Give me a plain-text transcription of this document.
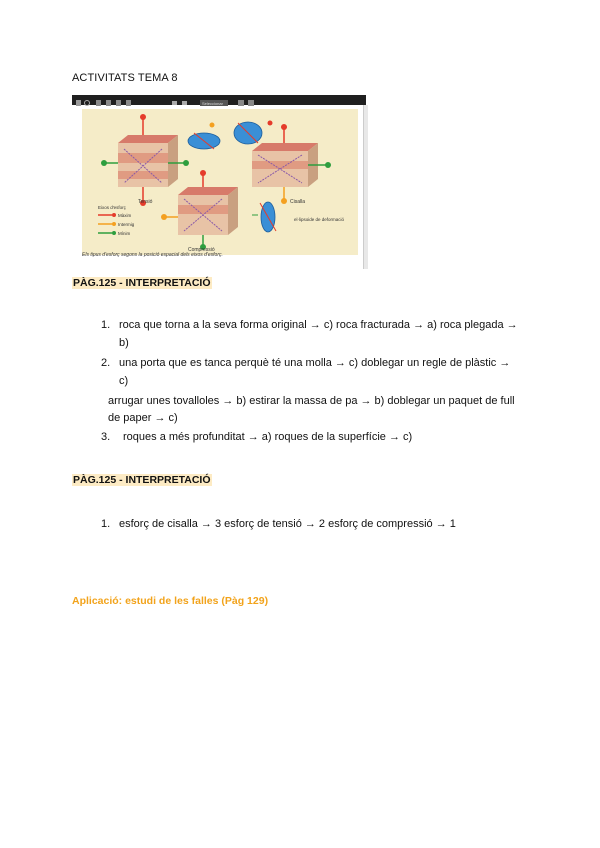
ACTIVITATS TEMA 8
Seleccionar
Tensió
Compressió
Cisalla
el·lipsoide de deformació
Eixos d'esforç
Màxim
Intermig
Mínim
Els tipus d'esforç segons la posició espacial dels eixos d'esforç.
PÀG.125 - INTERPRETACIÓ
1. roca que torna a la seva forma original → c) roca fracturada → a) roca plegada →
b)
2. una porta que es tanca perquè té una molla → c) doblegar un regle de plàstic →
c)
arrugar unes tovalloles → b) estirar la massa de pa → b) doblegar un paquet de full
de paper → c)
3. roques a més profunditat → a) roques de la superfície → c)
PÀG.125 - INTERPRETACIÓ
1. esforç de cisalla → 3 esforç de tensió → 2 esforç de compressió → 1
Aplicació: estudi de les falles (Pàg 129)
